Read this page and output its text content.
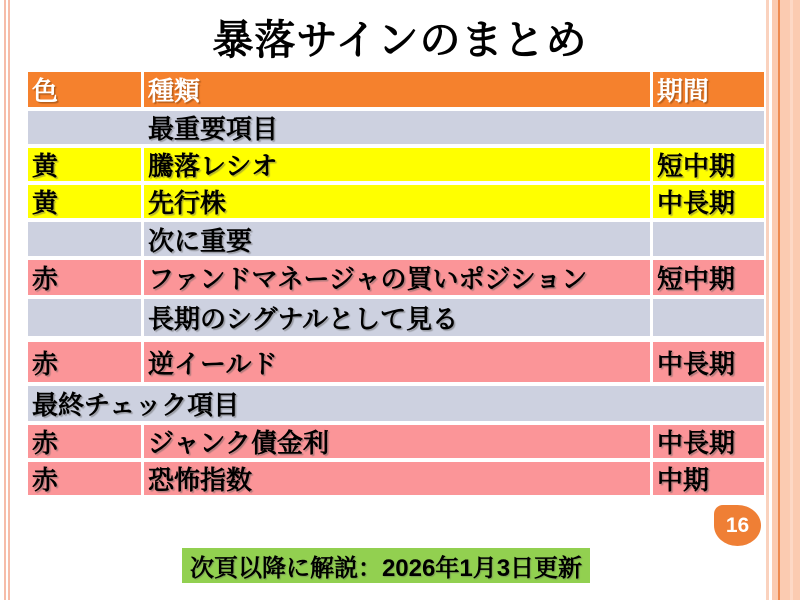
暴落サインのまとめ
色	種類	期間
最重要項目
黄	騰落レシオ	短中期
黄	先行株	中長期
次に重要
赤	ファンドマネージャの買いポジション	短中期
長期のシグナルとして見る
赤	逆イールド	中長期
最終チェック項目
赤	ジャンク債金利	中長期
赤	恐怖指数	中期
16
次頁以降に解説：2026年1月3日更新
